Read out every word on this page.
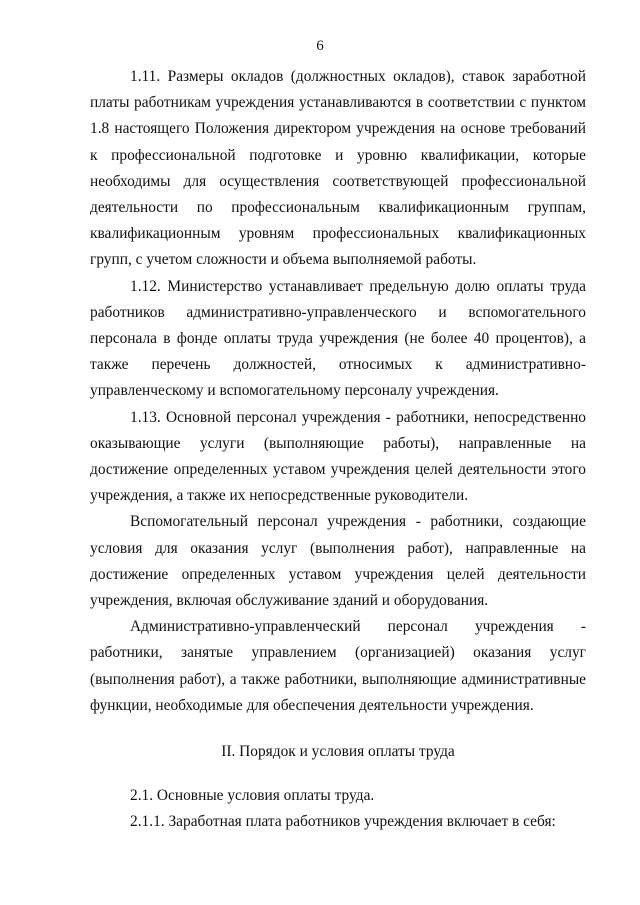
6

1.11. Размеры окладов (должностных окладов), ставок заработной платы работникам учреждения устанавливаются в соответствии с пунктом 1.8 настоящего Положения директором учреждения на основе требований к профессиональной подготовке и уровню квалификации, которые необходимы для осуществления соответствующей профессиональной деятельности по профессиональным квалификационным группам, квалификационным уровням профессиональных квалификационных групп, с учетом сложности и объема выполняемой работы.

1.12. Министерство устанавливает предельную долю оплаты труда работников административно-управленческого и вспомогательного персонала в фонде оплаты труда учреждения (не более 40 процентов), а также перечень должностей, относимых к административно-управленческому и вспомогательному персоналу учреждения.

1.13. Основной персонал учреждения - работники, непосредственно оказывающие услуги (выполняющие работы), направленные на достижение определенных уставом учреждения целей деятельности этого учреждения, а также их непосредственные руководители.

Вспомогательный персонал учреждения - работники, создающие условия для оказания услуг (выполнения работ), направленные на достижение определенных уставом учреждения целей деятельности учреждения, включая обслуживание зданий и оборудования.

Административно-управленческий персонал учреждения - работники, занятые управлением (организацией) оказания услуг (выполнения работ), а также работники, выполняющие административные функции, необходимые для обеспечения деятельности учреждения.

II. Порядок и условия оплаты труда

2.1. Основные условия оплаты труда.

2.1.1. Заработная плата работников учреждения включает в себя:
